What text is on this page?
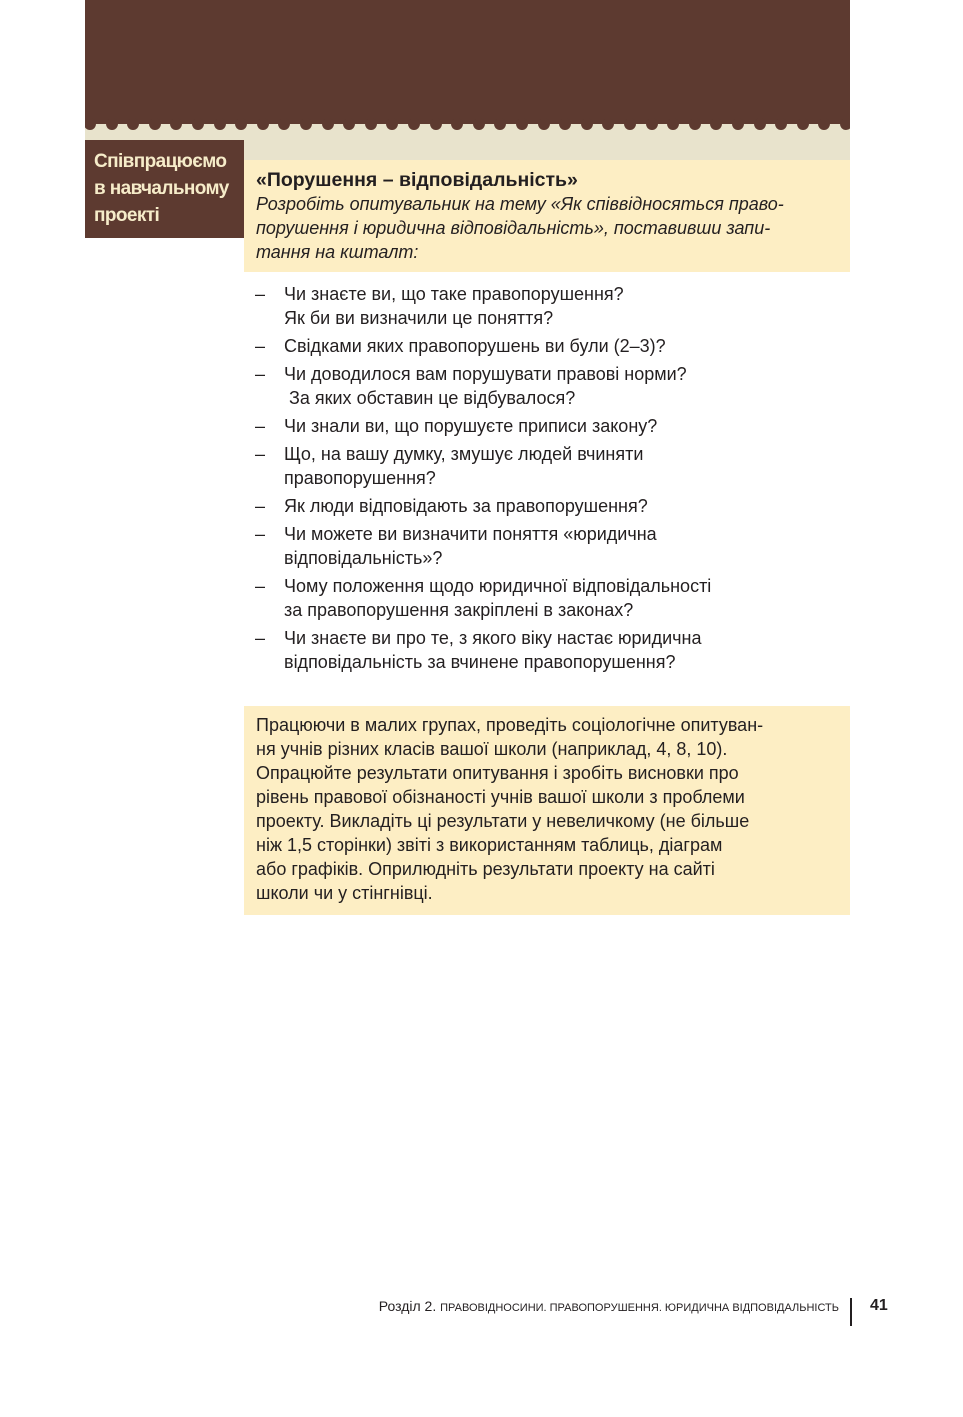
Співпрацюємо
в навчальному
проекті
«Порушення – відповідальність»
Розробіть опитувальник на тему «Як співвідносяться право-
порушення і юридична відповідальність», поставивши запи-
тання на кшталт:
– Чи знаєте ви, що таке правопорушення?
Як би ви визначили це поняття?
– Свідками яких правопорушень ви були (2–3)?
– Чи доводилося вам порушувати правові норми?
За яких обставин це відбувалося?
– Чи знали ви, що порушуєте приписи закону?
– Що, на вашу думку, змушує людей вчиняти
правопорушення?
– Як люди відповідають за правопорушення?
– Чи можете ви визначити поняття «юридична
відповідальність»?
– Чому положення щодо юридичної відповідальності
за правопорушення закріплені в законах?
– Чи знаєте ви про те, з якого віку настає юридична
відповідальність за вчинене правопорушення?
Працюючи в малих групах, проведіть соціологічне опитуван-
ня учнів різних класів вашої школи (наприклад, 4, 8, 10).
Опрацюйте результати опитування і зробіть висновки про
рівень правової обізнаності учнів вашої школи з проблеми
проекту. Викладіть ці результати у невеличкому (не більше
ніж 1,5 сторінки) звіті з використанням таблиць, діаграм
або графіків. Оприлюдніть результати проекту на сайті
школи чи у стінгнівці.
Розділ 2. ПРАВОВІДНОСИНИ. ПРАВОПОРУШЕННЯ. ЮРИДИЧНА ВІДПОВІДАЛЬНІСТЬ 41
